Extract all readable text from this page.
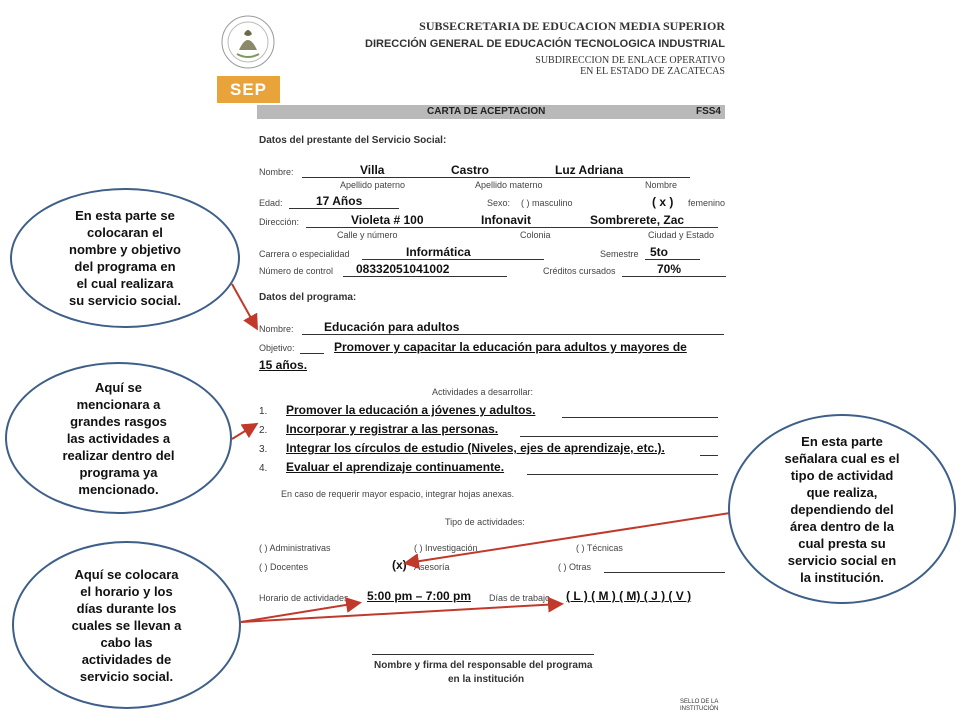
SEP
SUBSECRETARIA DE EDUCACION MEDIA SUPERIOR
DIRECCIÓN GENERAL DE EDUCACIÓN TECNOLOGICA INDUSTRIAL
SUBDIRECCION DE ENLACE OPERATIVO
EN EL ESTADO DE ZACATECAS
CARTA DE ACEPTACION	FSS4
Datos del prestante del Servicio Social:
Nombre:	Villa	Castro	Luz Adriana
Apellido paterno	Apellido materno	Nombre
Edad:	17 Años	Sexo: ( ) masculino	( x ) femenino
Dirección:	Violeta # 100	Infonavit	Sombrerete, Zac
Calle y número	Colonia	Ciudad y Estado
Carrera o especialidad	Informática	Semestre 5to
Número de control 08332051041002	Créditos cursados	70%
Datos del programa:
Nombre:	Educación para adultos
Objetivo:	Promover y capacitar la educación para adultos y mayores de
15 años.
Actividades a desarrollar:
1. Promover la educación a jóvenes y adultos.
2. Incorporar y registrar a las personas.
3. Integrar los círculos de estudio (Niveles, ejes de aprendizaje, etc.).
4. Evaluar el aprendizaje continuamente.
En caso de requerir mayor espacio, integrar hojas anexas.
Tipo de actividades:
( ) Administrativas	( ) Investigación	( ) Técnicas
( ) Docentes	(x) Asesoría	( ) Otras
Horario de actividades 5:00 pm – 7:00 pm Días de trabajo ( L ) ( M ) ( M) ( J ) ( V )
Nombre y firma del responsable del programa
en la institución
SELLO DE LA
INSTITUCIÓN
En esta parte se
colocaran el
nombre y objetivo
del programa en
el cual realizara
su servicio social.
Aquí se
mencionara a
grandes rasgos
las actividades a
realizar dentro del
programa ya
mencionado.
Aquí se colocara
el horario y los
días durante los
cuales se llevan a
cabo las
actividades de
servicio social.
En esta parte
señalara cual es el
tipo de actividad
que realiza,
dependiendo del
área dentro de la
cual presta su
servicio social en
la institución.
